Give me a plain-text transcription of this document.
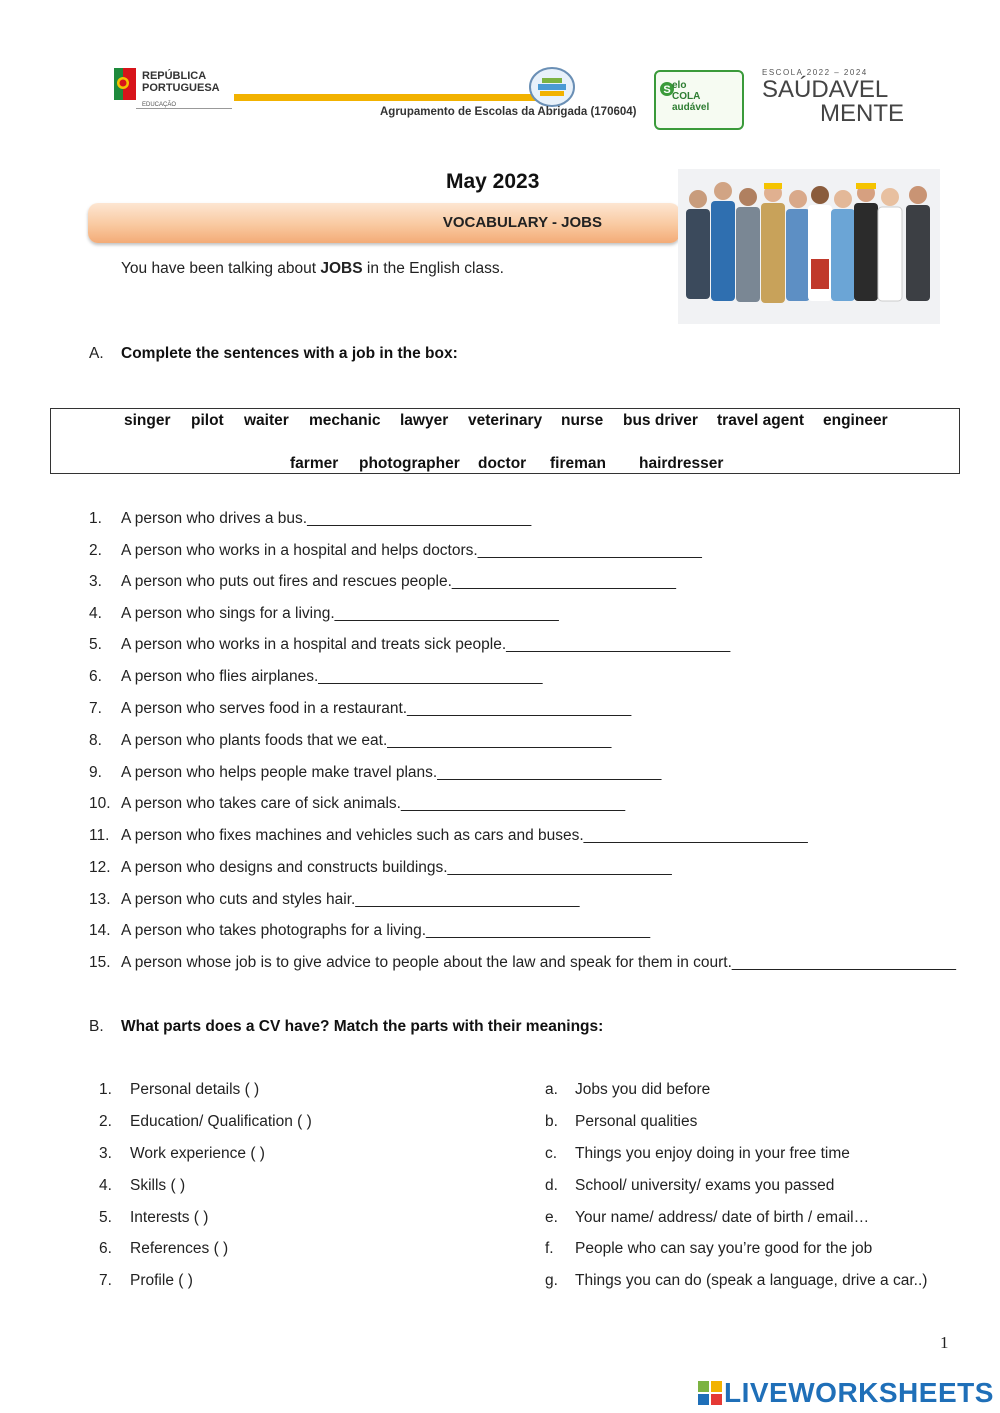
REPÚBLICA
PORTUGUESA
EDUCAÇÃO
Agrupamento de Escolas da Abrigada (170604)
S elo
COLA
audável
ESCOLA 2022 – 2024
SAÚDAVEL
MENTE
May 2023
VOCABULARY - JOBS
You have been talking about JOBS in the English class.
A. Complete the sentences with a job in the box:
singer pilot waiter mechanic lawyer veterinary nurse bus driver travel agent engineer
farmer photographer doctor fireman hairdresser
1. A person who drives a bus.__________________________
2. A person who works in a hospital and helps doctors.__________________________
3. A person who puts out fires and rescues people.__________________________
4. A person who sings for a living.__________________________
5. A person who works in a hospital and treats sick people.__________________________
6. A person who flies airplanes.__________________________
7. A person who serves food in a restaurant.__________________________
8. A person who plants foods that we eat.__________________________
9. A person who helps people make travel plans.__________________________
10. A person who takes care of sick animals.__________________________
11. A person who fixes machines and vehicles such as cars and buses.__________________________
12. A person who designs and constructs buildings.__________________________
13. A person who cuts and styles hair.__________________________
14. A person who takes photographs for a living.__________________________
15. A person whose job is to give advice to people about the law and speak for them in court.__________________________
B. What parts does a CV have? Match the parts with their meanings:
1. Personal details ( )
2. Education/ Qualification ( )
3. Work experience ( )
4. Skills ( )
5. Interests ( )
6. References ( )
7. Profile ( )
a. Jobs you did before
b. Personal qualities
c. Things you enjoy doing in your free time
d. School/ university/ exams you passed
e. Your name/ address/ date of birth / email…
f. People who can say you’re good for the job
g. Things you can do (speak a language, drive a car..)
1
LIVEWORKSHEETS
